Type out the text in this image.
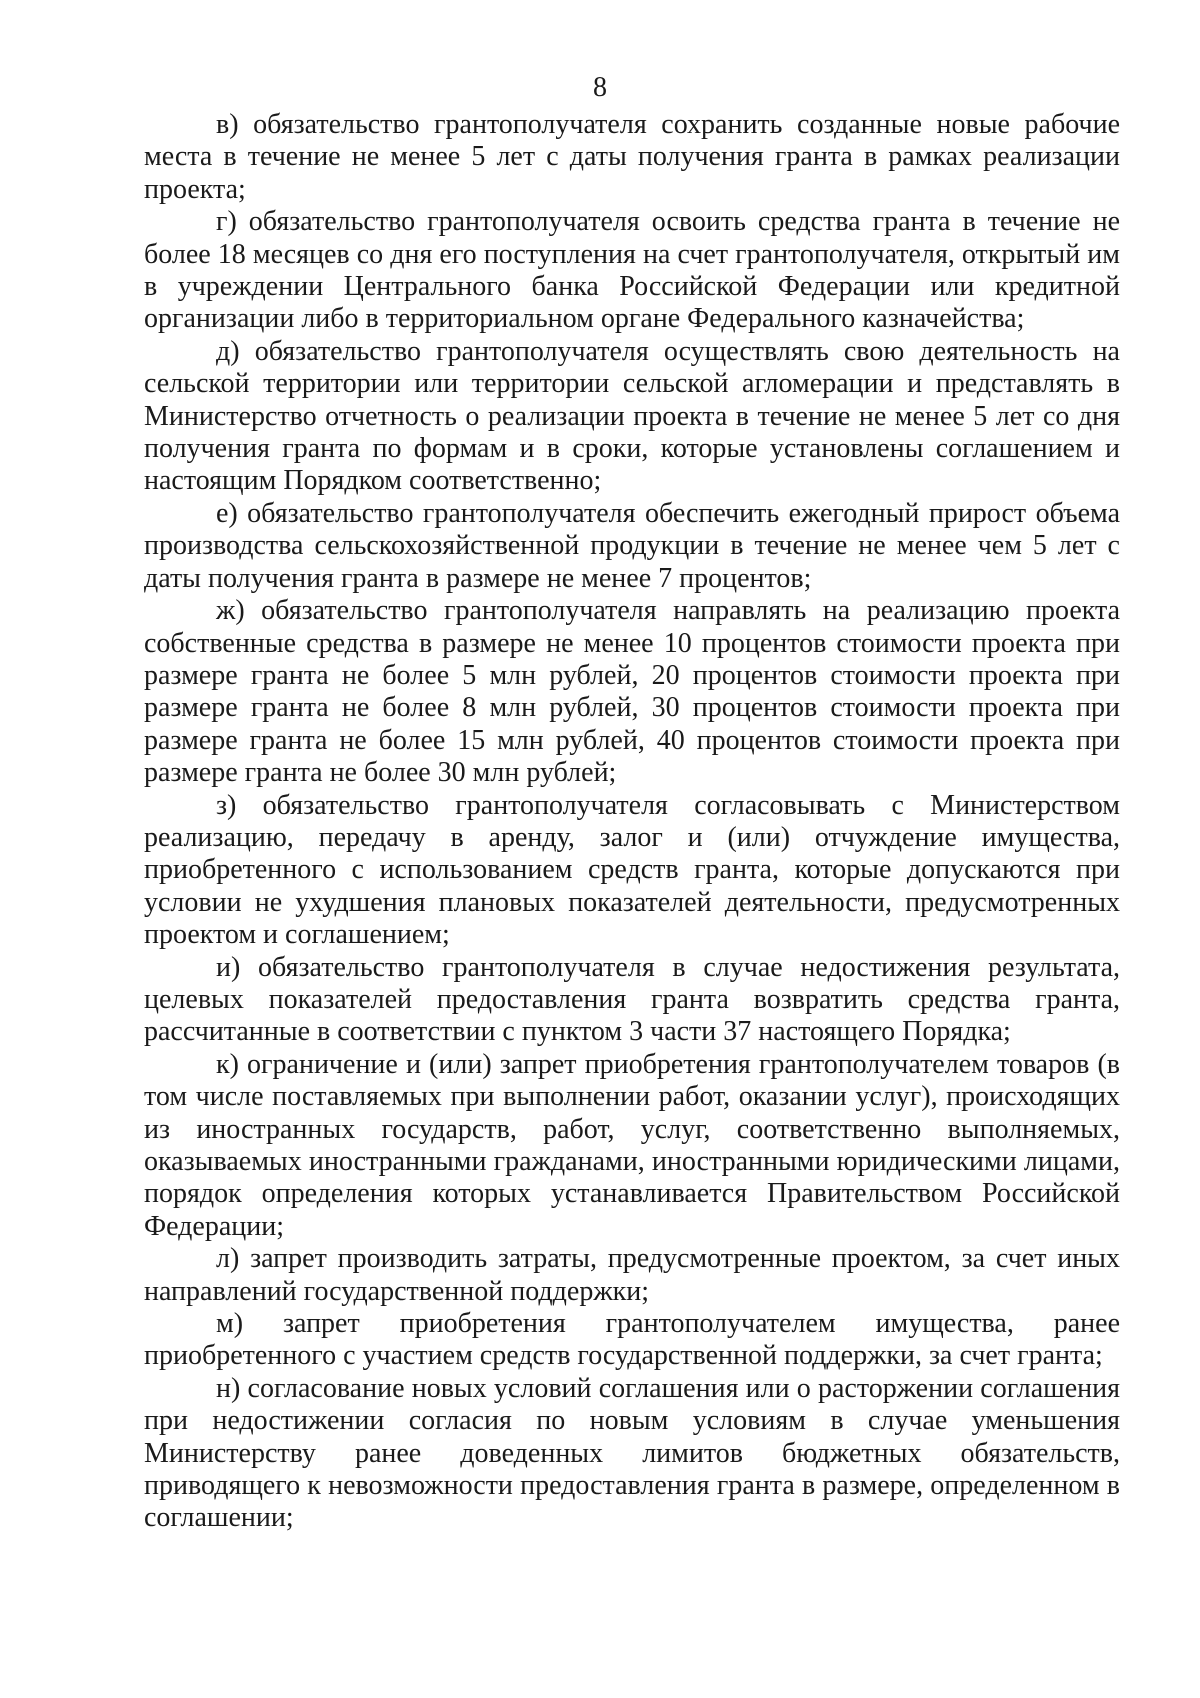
8

в) обязательство грантополучателя сохранить созданные новые рабочие места в течение не менее 5 лет с даты получения гранта в рамках реализации проекта;

г) обязательство грантополучателя освоить средства гранта в течение не более 18 месяцев со дня его поступления на счет грантополучателя, открытый им в учреждении Центрального банка Российской Федерации или кредитной организации либо в территориальном органе Федерального казначейства;

д) обязательство грантополучателя осуществлять свою деятельность на сельской территории или территории сельской агломерации и представлять в Министерство отчетность о реализации проекта в течение не менее 5 лет со дня получения гранта по формам и в сроки, которые установлены соглашением и настоящим Порядком соответственно;

е) обязательство грантополучателя обеспечить ежегодный прирост объема производства сельскохозяйственной продукции в течение не менее чем 5 лет с даты получения гранта в размере не менее 7 процентов;

ж) обязательство грантополучателя направлять на реализацию проекта собственные средства в размере не менее 10 процентов стоимости проекта при размере гранта не более 5 млн рублей, 20 процентов стоимости проекта при размере гранта не более 8 млн рублей, 30 процентов стоимости проекта при размере гранта не более 15 млн рублей, 40 процентов стоимости проекта при размере гранта не более 30 млн рублей;

з) обязательство грантополучателя согласовывать с Министерством реализацию, передачу в аренду, залог и (или) отчуждение имущества, приобретенного с использованием средств гранта, которые допускаются при условии не ухудшения плановых показателей деятельности, предусмотренных проектом и соглашением;

и) обязательство грантополучателя в случае недостижения результата, целевых показателей предоставления гранта возвратить средства гранта, рассчитанные в соответствии с пунктом 3 части 37 настоящего Порядка;

к) ограничение и (или) запрет приобретения грантополучателем товаров (в том числе поставляемых при выполнении работ, оказании услуг), происходящих из иностранных государств, работ, услуг, соответственно выполняемых, оказываемых иностранными гражданами, иностранными юридическими лицами, порядок определения которых устанавливается Правительством Российской Федерации;

л) запрет производить затраты, предусмотренные проектом, за счет иных направлений государственной поддержки;

м) запрет приобретения грантополучателем имущества, ранее приобретенного с участием средств государственной поддержки, за счет гранта;

н) согласование новых условий соглашения или о расторжении соглашения при недостижении согласия по новым условиям в случае уменьшения Министерству ранее доведенных лимитов бюджетных обязательств, приводящего к невозможности предоставления гранта в размере, определенном в соглашении;
